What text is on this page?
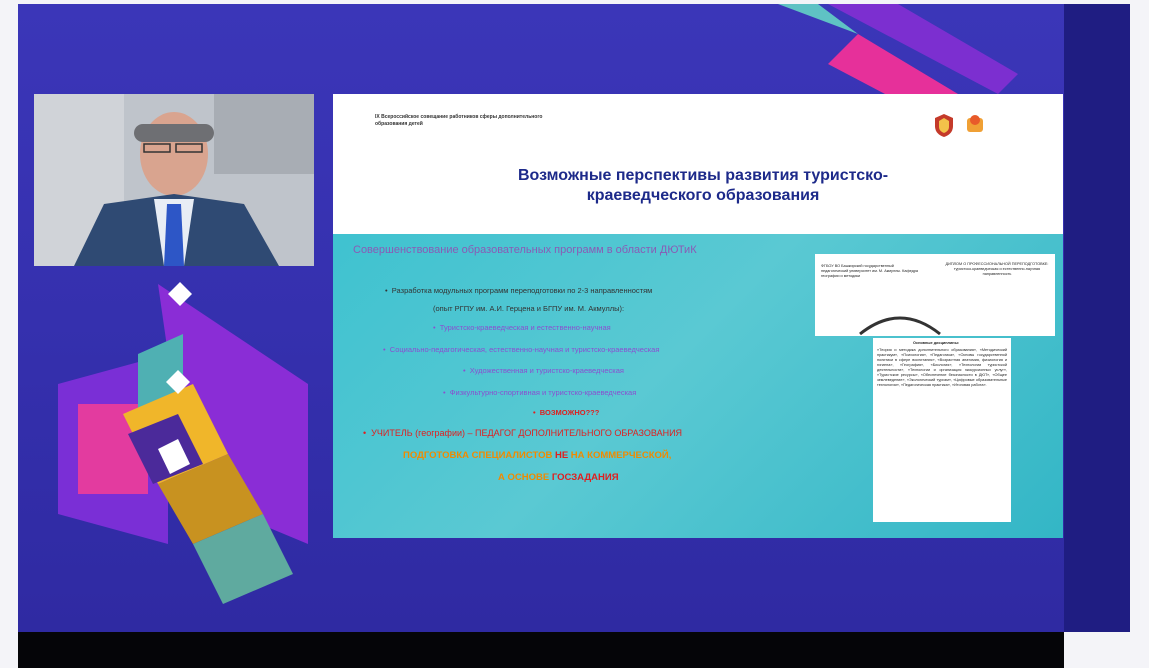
IX Всероссийское совещание работников сферы дополнительного образования детей
Возможные перспективы развития туристско-
краеведческого образования
Совершенствование образовательных программ в области ДЮТиК
•  Разработка модульных программ переподготовки по 2-3 направленностям
(опыт РГПУ им. А.И. Герцена и БГПУ им. М. Акмуллы):
•  Туристско-краеведческая и естественно-научная
•  Социально-педагогическая, естественно-научная и туристско-краеведческая
•  Художественная и туристско-краеведческая
•  Физкультурно-спортивная и туристско-краеведческая
•  ВОЗМОЖНО???
•  УЧИТЕЛЬ (географии) – ПЕДАГОГ ДОПОЛНИТЕЛЬНОГО ОБРАЗОВАНИЯ
ПОДГОТОВКА СПЕЦИАЛИСТОВ НЕ НА КОММЕРЧЕСКОЙ,
А ОСНОВЕ ГОСЗАДАНИЯ
ФГБОУ ВО Башкирский государственный педагогический университет им. М. Акмуллы. Кафедра географии и методики
ДИПЛОМ О ПРОФЕССИОНАЛЬНОЙ ПЕРЕПОДГОТОВКЕ: туристско-краеведческая и естественно-научная направленность
Основные дисциплины:
«Теория и методика дополнительного образования», «Методический практикум», «Психология», «Педагогика», «Основы государственной политики в сфере воспитания», «Возрастная анатомия, физиология и гигиена», «География», «Биология», «Технологии туристской деятельности», «Технологии и организация экскурсионных услуг», «Туристские ресурсы», «Обеспечение безопасности в ДЮТ», «Общее землеведение», «Экологический туризм», «Цифровые образовательные технологии», «Педагогическая практика», «Итоговая работа».
